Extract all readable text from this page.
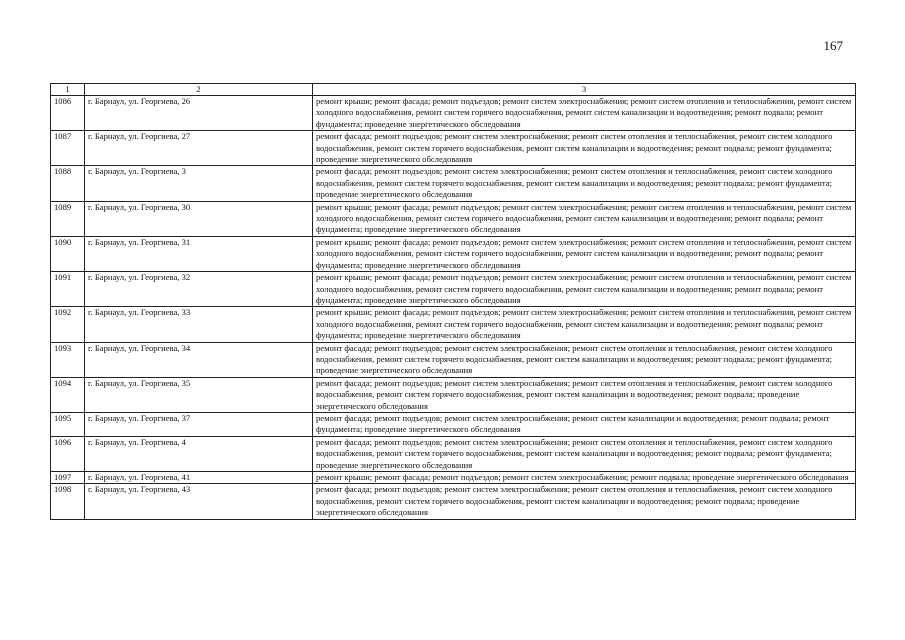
167
1	2	3
1086	г. Барнаул, ул. Георгиева, 26	ремонт крыши; ремонт фасада; ремонт подъездов; ремонт систем электроснабжения; ремонт систем отопления и теплоснабжения, ремонт систем холодного водоснабжения, ремонт систем горячего водоснабжения, ремонт систем канализации и водоотведения; ремонт подвала; ремонт фундамента; проведение энергетического обследования
1087	г. Барнаул, ул. Георгиева, 27	ремонт фасада; ремонт подъездов; ремонт систем электроснабжения; ремонт систем отопления и теплоснабжения, ремонт систем холодного водоснабжения, ремонт систем горячего водоснабжения, ремонт систем канализации и водоотведения; ремонт подвала; ремонт фундамента; проведение энергетического обследования
1088	г. Барнаул, ул. Георгиева, 3	ремонт фасада; ремонт подъездов; ремонт систем электроснабжения; ремонт систем отопления и теплоснабжения, ремонт систем холодного водоснабжения, ремонт систем горячего водоснабжения, ремонт систем канализации и водоотведения; ремонт подвала; ремонт фундамента; проведение энергетического обследования
1089	г. Барнаул, ул. Георгиева, 30	ремонт крыши; ремонт фасада; ремонт подъездов; ремонт систем электроснабжения; ремонт систем отопления и теплоснабжения, ремонт систем холодного водоснабжения, ремонт систем горячего водоснабжения, ремонт систем канализации и водоотведения; ремонт подвала; ремонт фундамента; проведение энергетического обследования
1090	г. Барнаул, ул. Георгиева, 31	ремонт крыши; ремонт фасада; ремонт подъездов; ремонт систем электроснабжения; ремонт систем отопления и теплоснабжения, ремонт систем холодного водоснабжения, ремонт систем горячего водоснабжения, ремонт систем канализации и водоотведения; ремонт подвала; ремонт фундамента; проведение энергетического обследования
1091	г. Барнаул, ул. Георгиева, 32	ремонт крыши; ремонт фасада; ремонт подъездов; ремонт систем электроснабжения; ремонт систем отопления и теплоснабжения, ремонт систем холодного водоснабжения, ремонт систем горячего водоснабжения, ремонт систем канализации и водоотведения; ремонт подвала; ремонт фундамента; проведение энергетического обследования
1092	г. Барнаул, ул. Георгиева, 33	ремонт крыши; ремонт фасада; ремонт подъездов; ремонт систем электроснабжения; ремонт систем отопления и теплоснабжения, ремонт систем холодного водоснабжения, ремонт систем горячего водоснабжения, ремонт систем канализации и водоотведения; ремонт подвала; ремонт фундамента; проведение энергетического обследования
1093	г. Барнаул, ул. Георгиева, 34	ремонт фасада; ремонт подъездов; ремонт систем электроснабжения; ремонт систем отопления и теплоснабжения, ремонт систем холодного водоснабжения, ремонт систем горячего водоснабжения, ремонт систем канализации и водоотведения; ремонт подвала; ремонт фундамента; проведение энергетического обследования
1094	г. Барнаул, ул. Георгиева, 35	ремонт фасада; ремонт подъездов; ремонт систем электроснабжения; ремонт систем отопления и теплоснабжения, ремонт систем холодного водоснабжения, ремонт систем горячего водоснабжения, ремонт систем канализации и водоотведения; ремонт подвала; проведение энергетического обследования
1095	г. Барнаул, ул. Георгиева, 37	ремонт фасада; ремонт подъездов; ремонт систем электроснабжения; ремонт систем канализации и водоотведения; ремонт подвала; ремонт фундамента; проведение энергетического обследования
1096	г. Барнаул, ул. Георгиева, 4	ремонт фасада; ремонт подъездов; ремонт систем электроснабжения; ремонт систем отопления и теплоснабжения, ремонт систем холодного водоснабжения, ремонт систем горячего водоснабжения, ремонт систем канализации и водоотведения; ремонт подвала; ремонт фундамента; проведение энергетического обследования
1097	г. Барнаул, ул. Георгиева, 41	ремонт крыши; ремонт фасада; ремонт подъездов; ремонт систем электроснабжения; ремонт подвала; проведение энергетического обследования
1098	г. Барнаул, ул. Георгиева, 43	ремонт фасада; ремонт подъездов; ремонт систем электроснабжения; ремонт систем отопления и теплоснабжения, ремонт систем холодного водоснабжения, ремонт систем горячего водоснабжения, ремонт систем канализации и водоотведения; ремонт подвала; проведение энергетического обследования
